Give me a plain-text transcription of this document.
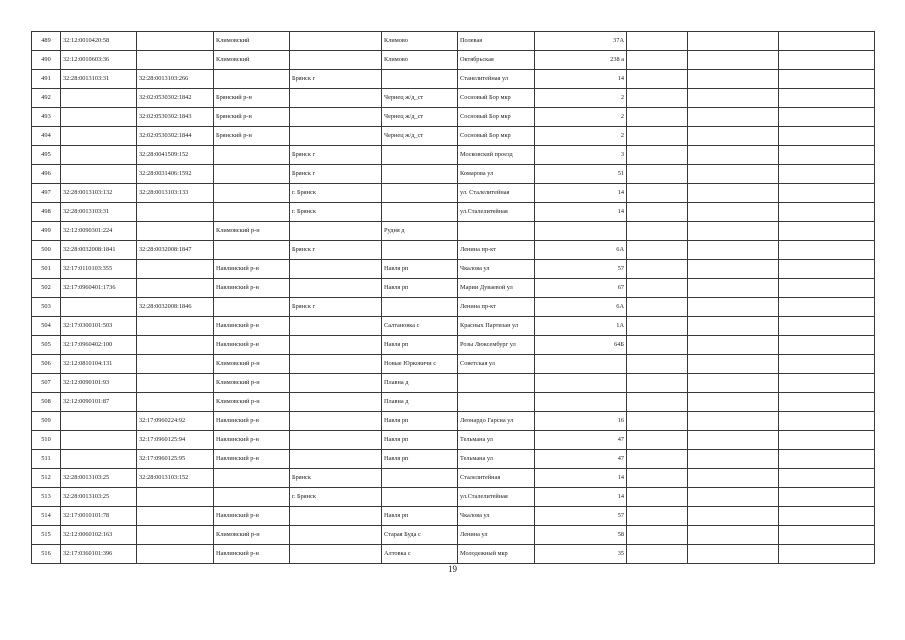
489	32:12:0010420:58		Климовский		Климово	Полевая	37А			
490	32:12:0010603:36		Климовский		Климово	Октябрьская	238 а			
491	32:28:0013103:31	32:28:0013103:266		Брянск г		Станелитейная ул	14			
492		32:02:0530302:1842	Брянский р-н		Чернец ж/д_ст	Сосновый Бор мкр	2			
493		32:02:0530302:1843	Брянский р-н		Чернец ж/д_ст	Сосновый Бор мкр	2			
494		32:02:0530302:1844	Брянский р-н		Чернец ж/д_ст	Сосновый Бор мкр	2			
495		32:28:0041509:152		Брянск г		Московский проезд	3			
496		32:28:0031406:1592		Брянск г		Комарова ул	51			
497	32:28:0013103:132	32:28:0013103:133		г. Брянск		ул. Сталелитейная	14			
498	32:28:0013103:31			г. Брянск		ул.Сталелитейная	14			
499	32:12:0090301:224		Климовский р-н		Рудня д					
500	32:28:0032008:1841	32:28:0032008:1847		Брянск г		Ленина пр-кт	6А			
501	32:17:0110103:355		Навлинский р-н		Навля рп	Чкалова ул	57			
502	32:17:0960401:1736		Навлинский р-н		Навля рп	Марии Дуваевой ул	67			
503		32:28:0032008:1846		Брянск г		Ленина пр-кт	6А			
504	32:17:0300101:503		Навлинский р-н		Салтановка с	Красных Партизан ул	1А			
505	32:17:0960402:100		Навлинский р-н		Навля рп	Розы Люксембург ул	64Б			
506	32:12:0810104:131		Климовский р-н		Новые Юрковичи с	Советская ул				
507	32:12:0090101:93		Климовский р-н		Плавна д					
508	32:12:0090101:87		Климовский р-н		Плавна д					
509		32:17:0960224:92	Навлинский р-н		Навля рп	Леонардо Гарсиа ул	16			
510		32:17:0960125:94	Навлинский р-н		Навля рп	Тельмана ул	47			
511		32:17:0960125:95	Навлинский р-н		Навля рп	Тельмана ул	47			
512	32:28:0013103:25	32:28:0013103:152		Брянск		Сталелитейная	14			
513	32:28:0013103:25			г. Брянск		ул.Сталелитейная	14			
514	32:17:0010101:78		Навлинский р-н		Навля рп	Чкалова ул	57			
515	32:12:0060102:163		Климовский р-н		Старая Буда с	Ленина ул	58			
516	32:17:0360101:396		Навлинский р-н		Алтовка с	Молодежный мкр	35			
19
